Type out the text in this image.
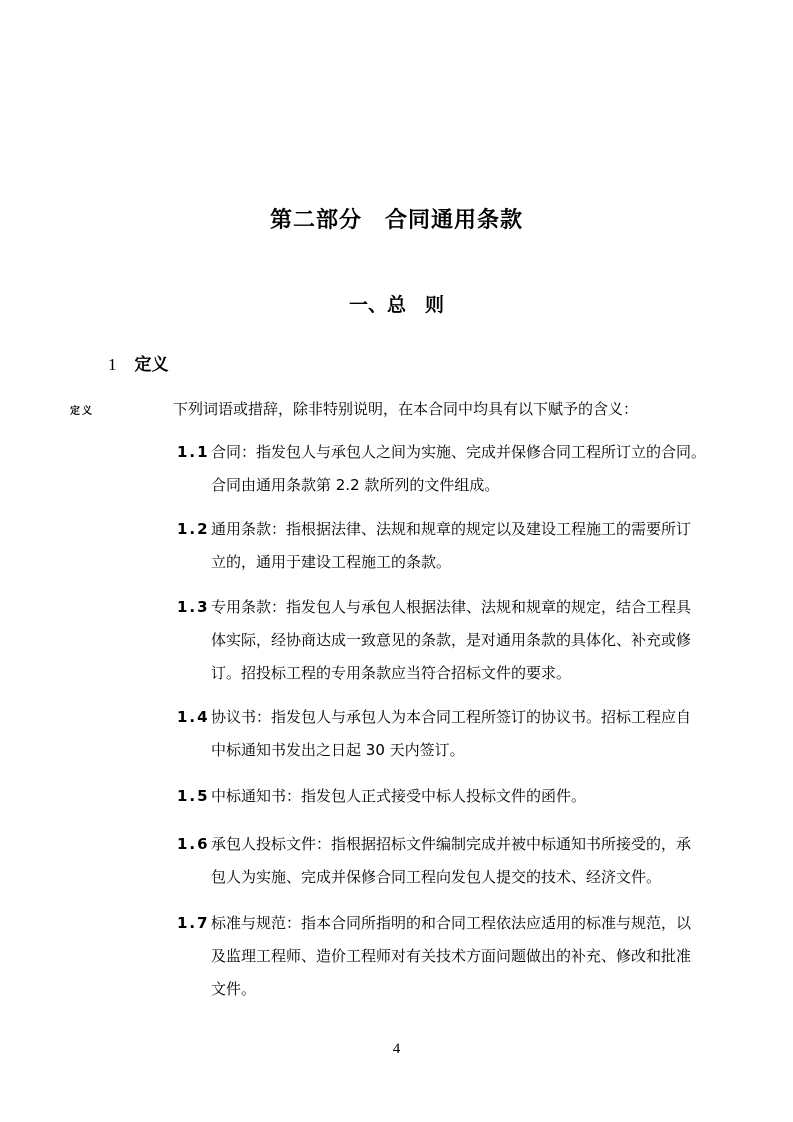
第二部分　合同通用条款
一、总　则
1 定义
定义	下列词语或措辞，除非特别说明，在本合同中均具有以下赋予的含义：
1.1合同：指发包人与承包人之间为实施、完成并保修合同工程所订立的合同。
合同由通用条款第 2.2 款所列的文件组成。
1.2通用条款：指根据法律、法规和规章的规定以及建设工程施工的需要所订
立的，通用于建设工程施工的条款。
1.3专用条款：指发包人与承包人根据法律、法规和规章的规定，结合工程具
体实际，经协商达成一致意见的条款，是对通用条款的具体化、补充或修
订。招投标工程的专用条款应当符合招标文件的要求。
1.4协议书：指发包人与承包人为本合同工程所签订的协议书。招标工程应自
中标通知书发出之日起 30 天内签订。
1.5中标通知书：指发包人正式接受中标人投标文件的函件。
1.6承包人投标文件：指根据招标文件编制完成并被中标通知书所接受的，承
包人为实施、完成并保修合同工程向发包人提交的技术、经济文件。
1.7标准与规范：指本合同所指明的和合同工程依法应适用的标准与规范，以
及监理工程师、造价工程师对有关技术方面问题做出的补充、修改和批准
文件。
4
